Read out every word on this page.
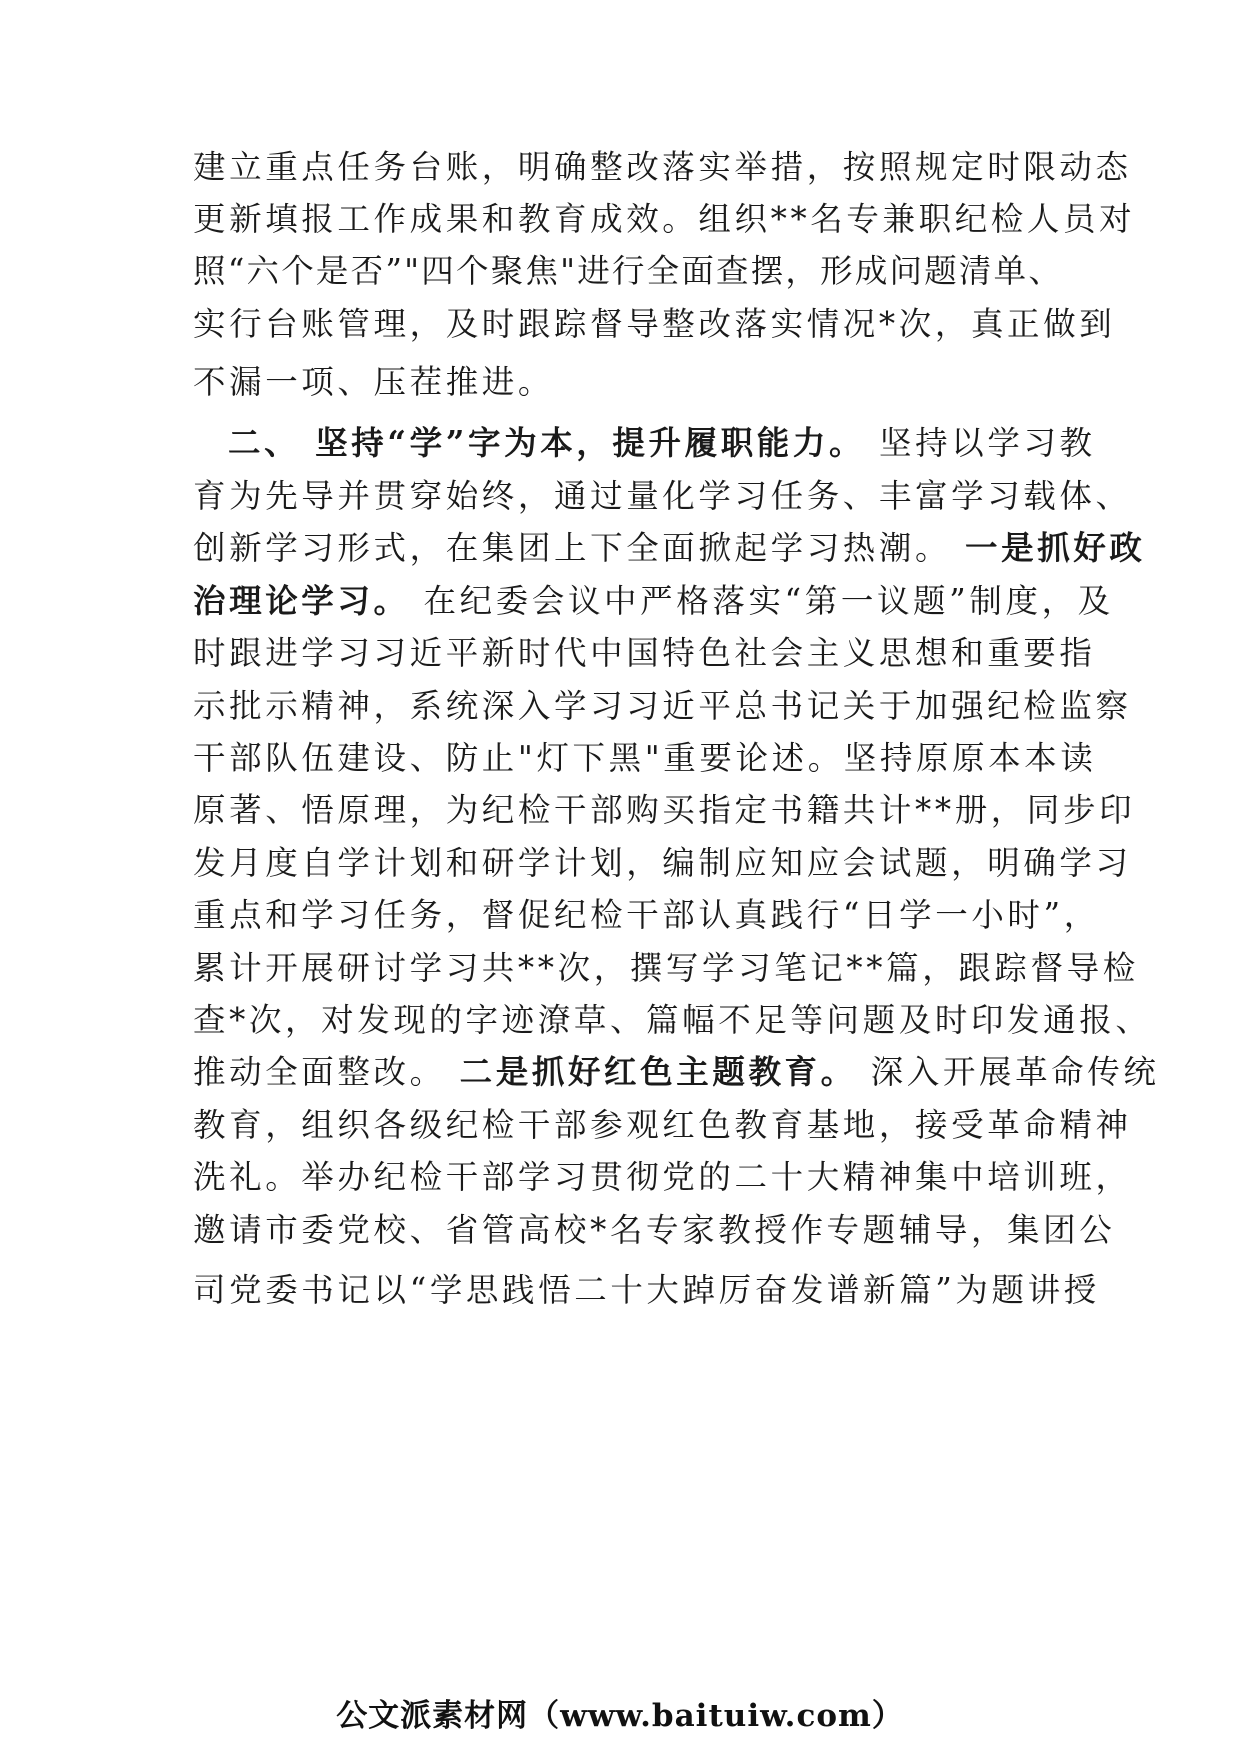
建立重点任务台账，明确整改落实举措，按照规定时限动态
更新填报工作成果和教育成效。组织**名专兼职纪检人员对
照“六个是否”"四个聚焦"进行全面查摆，形成问题清单、
实行台账管理，及时跟踪督导整改落实情况*次，真正做到
不漏一项、压茬推进。
二、 坚持“学”字为本，提升履职能力。 坚持以学习教
育为先导并贯穿始终，通过量化学习任务、丰富学习载体、
创新学习形式，在集团上下全面掀起学习热潮。 一是抓好政
治理论学习。 在纪委会议中严格落实“第一议题”制度，及
时跟进学习习近平新时代中国特色社会主义思想和重要指
示批示精神，系统深入学习习近平总书记关于加强纪检监察
干部队伍建设、防止"灯下黑"重要论述。坚持原原本本读
原著、悟原理，为纪检干部购买指定书籍共计**册，同步印
发月度自学计划和研学计划，编制应知应会试题，明确学习
重点和学习任务，督促纪检干部认真践行“日学一小时”，
累计开展研讨学习共**次，撰写学习笔记**篇，跟踪督导检
查*次，对发现的字迹潦草、篇幅不足等问题及时印发通报、
推动全面整改。 二是抓好红色主题教育。 深入开展革命传统
教育，组织各级纪检干部参观红色教育基地，接受革命精神
洗礼。举办纪检干部学习贯彻党的二十大精神集中培训班，
邀请市委党校、省管高校*名专家教授作专题辅导，集团公
司党委书记以“学思践悟二十大踔厉奋发谱新篇”为题讲授
公文派素材网（www.baituiw.com）
